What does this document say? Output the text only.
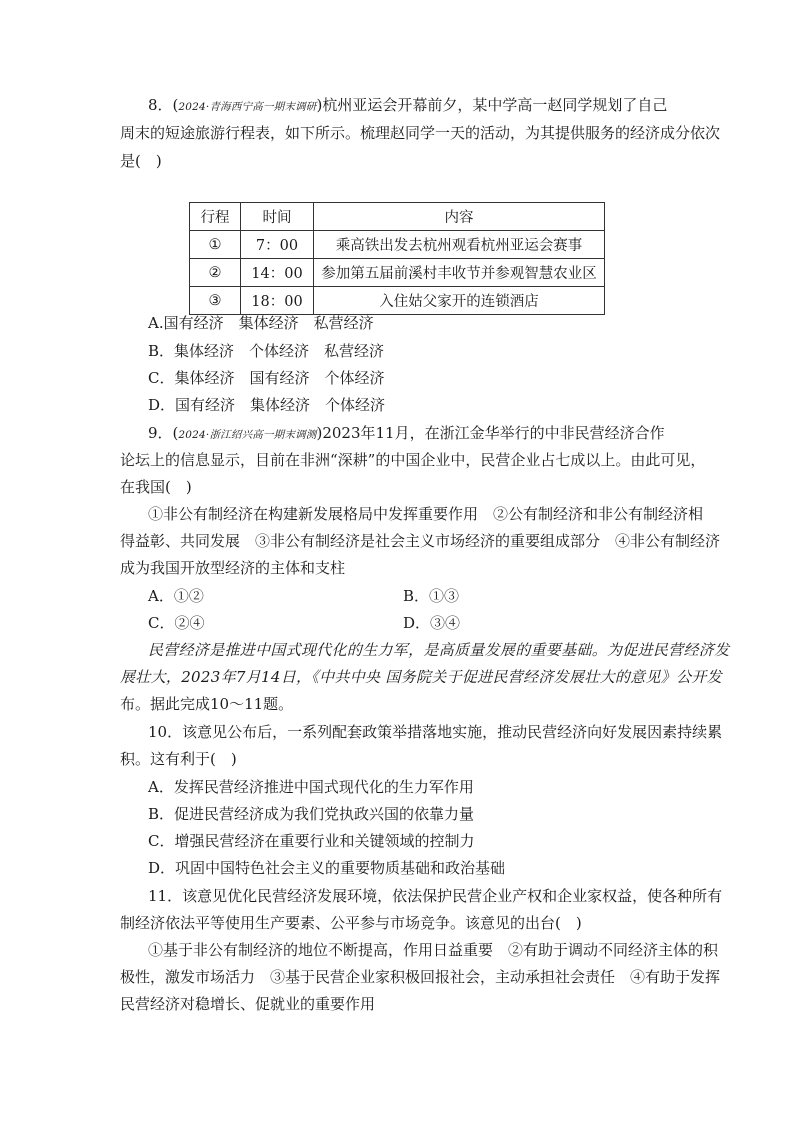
8．(2024·青海西宁高一期末调研)杭州亚运会开幕前夕，某中学高一赵同学规划了自己
周末的短途旅游行程表，如下所示。梳理赵同学一天的活动，为其提供服务的经济成分依次
是(　)
行程	时间	内容
①	7：00	乘高铁出发去杭州观看杭州亚运会赛事
②	14：00	参加第五届前溪村丰收节并参观智慧农业区
③	18：00	入住姑父家开的连锁酒店
A.国有经济　集体经济　私营经济
B．集体经济　个体经济　私营经济
C．集体经济　国有经济　个体经济
D．国有经济　集体经济　个体经济
9．(2024·浙江绍兴高一期末调测)2023年11月，在浙江金华举行的中非民营经济合作
论坛上的信息显示，目前在非洲“深耕”的中国企业中，民营企业占七成以上。由此可见，
在我国(　)
①非公有制经济在构建新发展格局中发挥重要作用　②公有制经济和非公有制经济相
得益彰、共同发展　③非公有制经济是社会主义市场经济的重要组成部分　④非公有制经济
成为我国开放型经济的主体和支柱
A．①②	B．①③
C．②④	D．③④
民营经济是推进中国式现代化的生力军，是高质量发展的重要基础。为促进民营经济发
展壮大，2023年7月14日，《中共中央 国务院关于促进民营经济发展壮大的意见》公开发
布。据此完成10～11题。
10．该意见公布后，一系列配套政策举措落地实施，推动民营经济向好发展因素持续累
积。这有利于(　)
A．发挥民营经济推进中国式现代化的生力军作用
B．促进民营经济成为我们党执政兴国的依靠力量
C．增强民营经济在重要行业和关键领域的控制力
D．巩固中国特色社会主义的重要物质基础和政治基础
11．该意见优化民营经济发展环境，依法保护民营企业产权和企业家权益，使各种所有
制经济依法平等使用生产要素、公平参与市场竞争。该意见的出台(　)
①基于非公有制经济的地位不断提高，作用日益重要　②有助于调动不同经济主体的积
极性，激发市场活力　③基于民营企业家积极回报社会，主动承担社会责任　④有助于发挥
民营经济对稳增长、促就业的重要作用
